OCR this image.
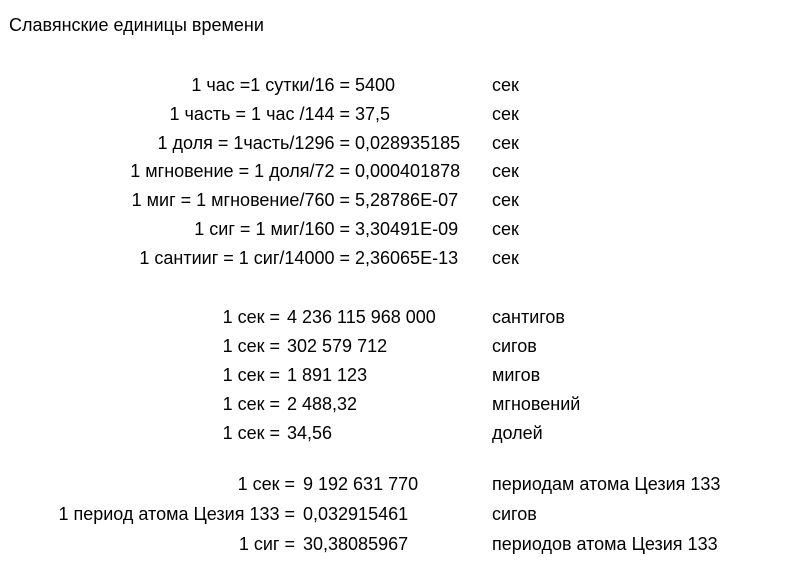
Славянские единицы времени
1 час =1 сутки/16 = 5400	сек
1 часть = 1 час /144 = 37,5	сек
1 доля = 1часть/1296 = 0,028935185 сек
1 мгновение = 1 доля/72 = 0,000401878 сек
1 миг = 1 мгновение/760 = 5,28786E-07 сек
1 сиг = 1 миг/160 = 3,30491E-09 сек
1 сантииг = 1 сиг/14000 = 2,36065E-13 сек
1 сек = 4 236 115 968 000	сантигов
1 сек = 302 579 712	сигов
1 сек = 1 891 123	мигов
1 сек = 2 488,32	мгновений
1 сек = 34,56	долей
1 сек = 9 192 631 770	периодам атома Цезия 133
1 период атома Цезия 133 = 0,032915461	сигов
1 сиг = 30,38085967	периодов атома Цезия 133
